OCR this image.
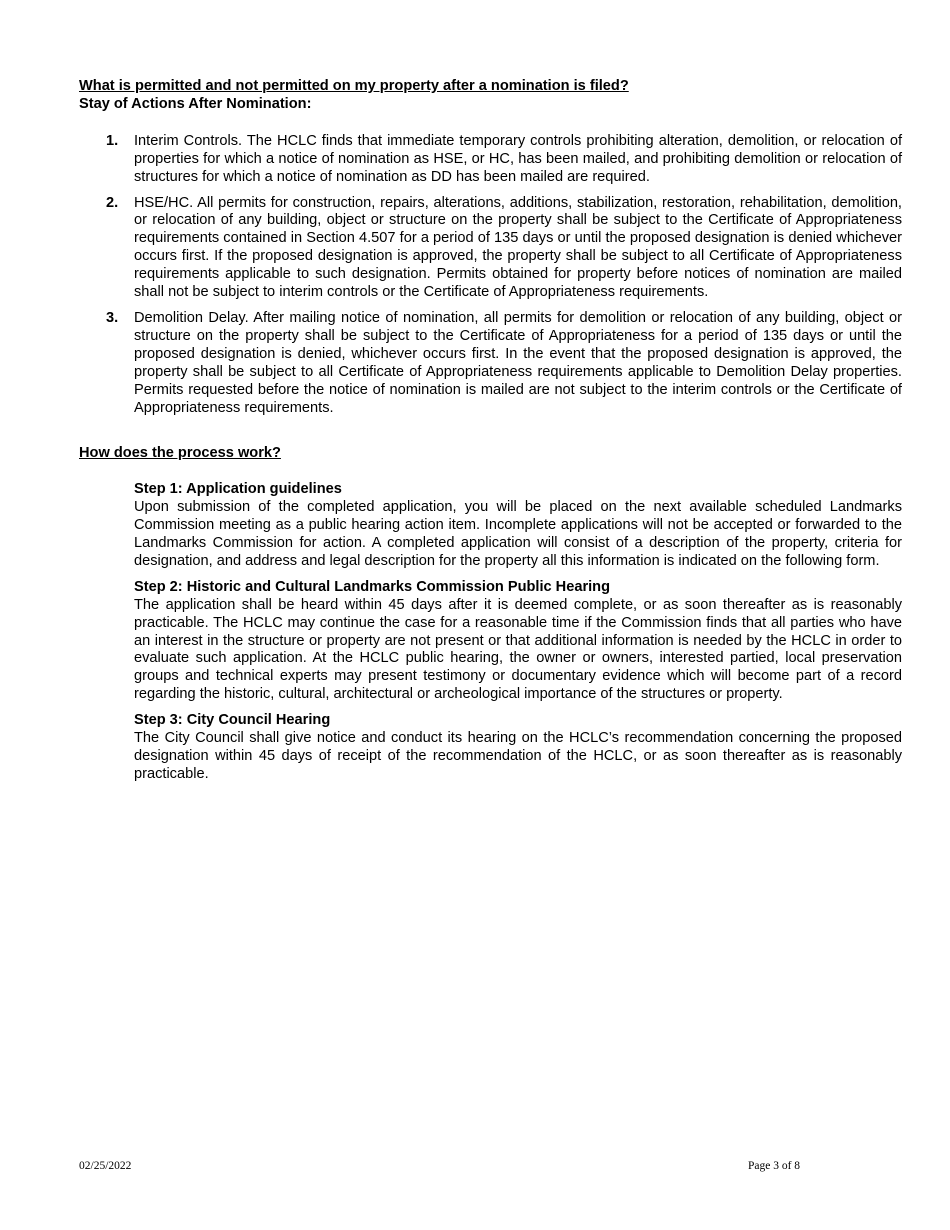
What is permitted and not permitted on my property after a nomination is filed?

Stay of Actions After Nomination:

1. Interim Controls. The HCLC finds that immediate temporary controls prohibiting alteration, demolition, or relocation of properties for which a notice of nomination as HSE, or HC, has been mailed, and prohibiting demolition or relocation of structures for which a notice of nomination as DD has been mailed are required.
2. HSE/HC. All permits for construction, repairs, alterations, additions, stabilization, restoration, rehabilitation, demolition, or relocation of any building, object or structure on the property shall be subject to the Certificate of Appropriateness requirements contained in Section 4.507 for a period of 135 days or until the proposed designation is denied whichever occurs first. If the proposed designation is approved, the property shall be subject to all Certificate of Appropriateness requirements applicable to such designation. Permits obtained for property before notices of nomination are mailed shall not be subject to interim controls or the Certificate of Appropriateness requirements.
3. Demolition Delay. After mailing notice of nomination, all permits for demolition or relocation of any building, object or structure on the property shall be subject to the Certificate of Appropriateness for a period of 135 days or until the proposed designation is denied, whichever occurs first. In the event that the proposed designation is approved, the property shall be subject to all Certificate of Appropriateness requirements applicable to Demolition Delay properties. Permits requested before the notice of nomination is mailed are not subject to the interim controls or the Certificate of Appropriateness requirements.

How does the process work?

Step 1: Application guidelines

Upon submission of the completed application, you will be placed on the next available scheduled Landmarks Commission meeting as a public hearing action item. Incomplete applications will not be accepted or forwarded to the Landmarks Commission for action. A completed application will consist of a description of the property, criteria for designation, and address and legal description for the property all this information is indicated on the following form.

Step 2: Historic and Cultural Landmarks Commission Public Hearing

The application shall be heard within 45 days after it is deemed complete, or as soon thereafter as is reasonably practicable. The HCLC may continue the case for a reasonable time if the Commission finds that all parties who have an interest in the structure or property are not present or that additional information is needed by the HCLC in order to evaluate such application. At the HCLC public hearing, the owner or owners, interested partied, local preservation groups and technical experts may present testimony or documentary evidence which will become part of a record regarding the historic, cultural, architectural or archeological importance of the structures or property.

Step 3: City Council Hearing

The City Council shall give notice and conduct its hearing on the HCLC’s recommendation concerning the proposed designation within 45 days of receipt of the recommendation of the HCLC, or as soon thereafter as is reasonably practicable.

02/25/2022	Page 3 of 8
